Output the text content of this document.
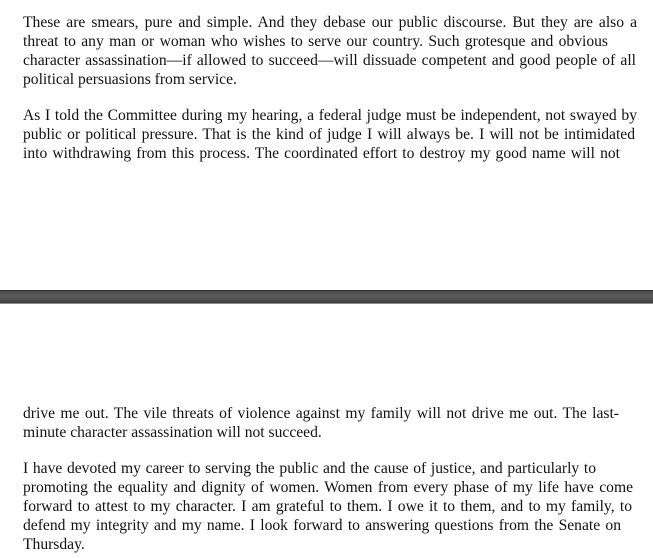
These are smears, pure and simple. And they debase our public discourse. But they are also a
threat to any man or woman who wishes to serve our country. Such grotesque and obvious
character assassination—if allowed to succeed—will dissuade competent and good people of all
political persuasions from service.

As I told the Committee during my hearing, a federal judge must be independent, not swayed by
public or political pressure. That is the kind of judge I will always be. I will not be intimidated
into withdrawing from this process. The coordinated effort to destroy my good name will not

drive me out. The vile threats of violence against my family will not drive me out. The last-
minute character assassination will not succeed.

I have devoted my career to serving the public and the cause of justice, and particularly to
promoting the equality and dignity of women. Women from every phase of my life have come
forward to attest to my character. I am grateful to them. I owe it to them, and to my family, to
defend my integrity and my name. I look forward to answering questions from the Senate on
Thursday.
